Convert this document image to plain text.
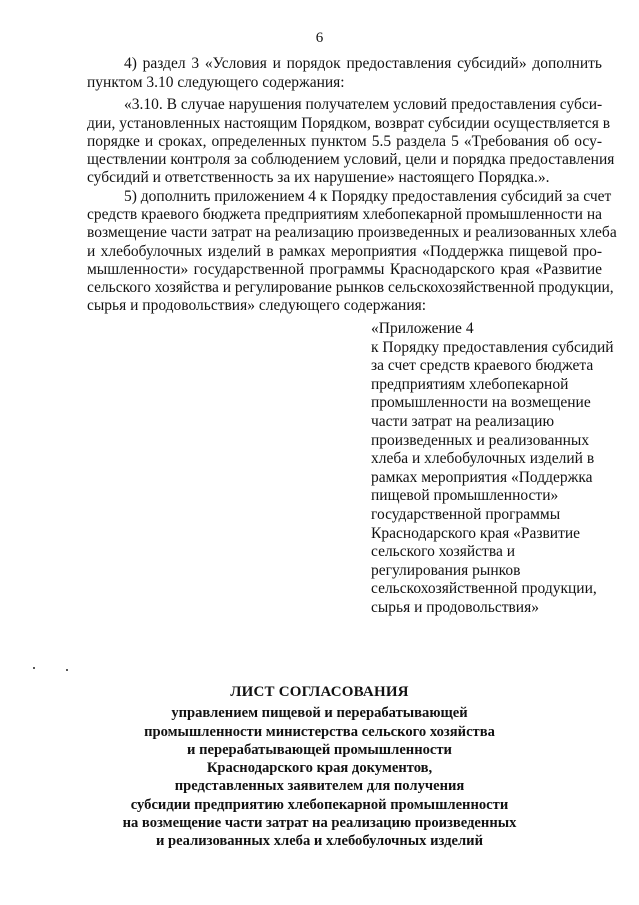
6
4) раздел 3 «Условия и порядок предоставления субсидий» дополнить
пунктом 3.10 следующего содержания:
«3.10. В случае нарушения получателем условий предоставления субси-
дии, установленных настоящим Порядком, возврат субсидии осуществляется в
порядке и сроках, определенных пунктом 5.5 раздела 5 «Требования об осу-
ществлении контроля за соблюдением условий, цели и порядка предоставления
субсидий и ответственность за их нарушение» настоящего Порядка.».
5) дополнить приложением 4 к Порядку предоставления субсидий за счет
средств краевого бюджета предприятиям хлебопекарной промышленности на
возмещение части затрат на реализацию произведенных и реализованных хлеба
и хлебобулочных изделий в рамках мероприятия «Поддержка пищевой про-
мышленности» государственной программы Краснодарского края «Развитие
сельского хозяйства и регулирование рынков сельскохозяйственной продукции,
сырья и продовольствия» следующего содержания:
«Приложение 4
к Порядку предоставления субсидий
за счет средств краевого бюджета
предприятиям хлебопекарной
промышленности на возмещение
части затрат на реализацию
произведенных и реализованных
хлеба и хлебобулочных изделий в
рамках мероприятия «Поддержка
пищевой промышленности»
государственной программы
Краснодарского края «Развитие
сельского хозяйства и
регулирования рынков
сельскохозяйственной продукции,
сырья и продовольствия»
ЛИСТ СОГЛАСОВАНИЯ
управлением пищевой и перерабатывающей
промышленности министерства сельского хозяйства
и перерабатывающей промышленности
Краснодарского края документов,
представленных заявителем для получения
субсидии предприятию хлебопекарной промышленности
на возмещение части затрат на реализацию произведенных
и реализованных хлеба и хлебобулочных изделий
